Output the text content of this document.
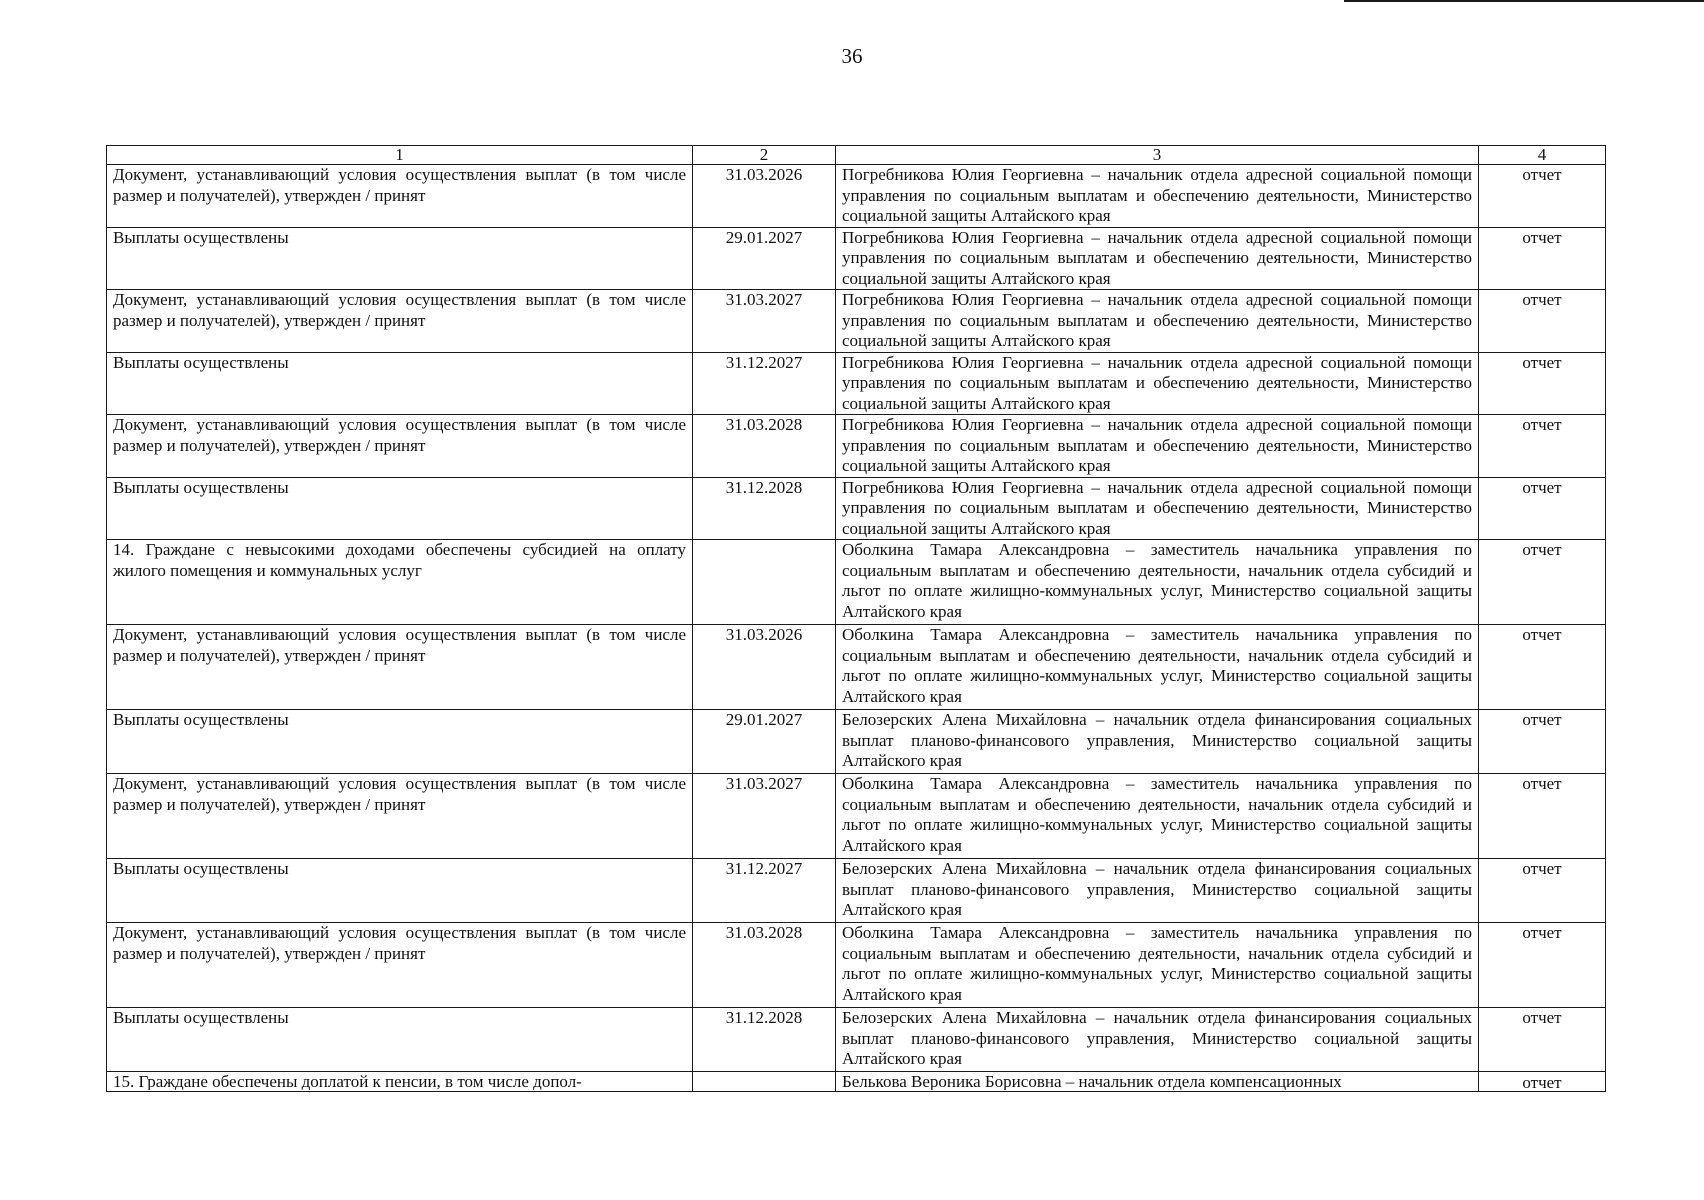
36
1	2	3	4
Документ, устанавливающий условия осуществления выплат (в том числе размер и получателей), утвержден / принят	31.03.2026	Погребникова Юлия Георгиевна – начальник отдела адресной социальной помощи управления по социальным выплатам и обеспечению деятельности, Министерство социальной защиты Алтайского края	отчет
Выплаты осуществлены	29.01.2027	Погребникова Юлия Георгиевна – начальник отдела адресной социальной помощи управления по социальным выплатам и обеспечению деятельности, Министерство социальной защиты Алтайского края	отчет
Документ, устанавливающий условия осуществления выплат (в том числе размер и получателей), утвержден / принят	31.03.2027	Погребникова Юлия Георгиевна – начальник отдела адресной социальной помощи управления по социальным выплатам и обеспечению деятельности, Министерство социальной защиты Алтайского края	отчет
Выплаты осуществлены	31.12.2027	Погребникова Юлия Георгиевна – начальник отдела адресной социальной помощи управления по социальным выплатам и обеспечению деятельности, Министерство социальной защиты Алтайского края	отчет
Документ, устанавливающий условия осуществления выплат (в том числе размер и получателей), утвержден / принят	31.03.2028	Погребникова Юлия Георгиевна – начальник отдела адресной социальной помощи управления по социальным выплатам и обеспечению деятельности, Министерство социальной защиты Алтайского края	отчет
Выплаты осуществлены	31.12.2028	Погребникова Юлия Георгиевна – начальник отдела адресной социальной помощи управления по социальным выплатам и обеспечению деятельности, Министерство социальной защиты Алтайского края	отчет
14. Граждане с невысокими доходами обеспечены субсидией на оплату жилого помещения и коммунальных услуг		Оболкина Тамара Александровна – заместитель начальника управления по социальным выплатам и обеспечению деятельности, начальник отдела субсидий и льгот по оплате жилищно-коммунальных услуг, Министерство социальной защиты Алтайского края	отчет
Документ, устанавливающий условия осуществления выплат (в том числе размер и получателей), утвержден / принят	31.03.2026	Оболкина Тамара Александровна – заместитель начальника управления по социальным выплатам и обеспечению деятельности, начальник отдела субсидий и льгот по оплате жилищно-коммунальных услуг, Министерство социальной защиты Алтайского края	отчет
Выплаты осуществлены	29.01.2027	Белозерских Алена Михайловна – начальник отдела финансирования социальных выплат планово-финансового управления, Министерство социальной защиты Алтайского края	отчет
Документ, устанавливающий условия осуществления выплат (в том числе размер и получателей), утвержден / принят	31.03.2027	Оболкина Тамара Александровна – заместитель начальника управления по социальным выплатам и обеспечению деятельности, начальник отдела субсидий и льгот по оплате жилищно-коммунальных услуг, Министерство социальной защиты Алтайского края	отчет
Выплаты осуществлены	31.12.2027	Белозерских Алена Михайловна – начальник отдела финансирования социальных выплат планово-финансового управления, Министерство социальной защиты Алтайского края	отчет
Документ, устанавливающий условия осуществления выплат (в том числе размер и получателей), утвержден / принят	31.03.2028	Оболкина Тамара Александровна – заместитель начальника управления по социальным выплатам и обеспечению деятельности, начальник отдела субсидий и льгот по оплате жилищно-коммунальных услуг, Министерство социальной защиты Алтайского края	отчет
Выплаты осуществлены	31.12.2028	Белозерских Алена Михайловна – начальник отдела финансирования социальных выплат планово-финансового управления, Министерство социальной защиты Алтайского края	отчет

15. Граждане обеспечены доплатой к пенсии, в том числе допол-		Белькова Вероника Борисовна – начальник отдела компенсационных	отчет
